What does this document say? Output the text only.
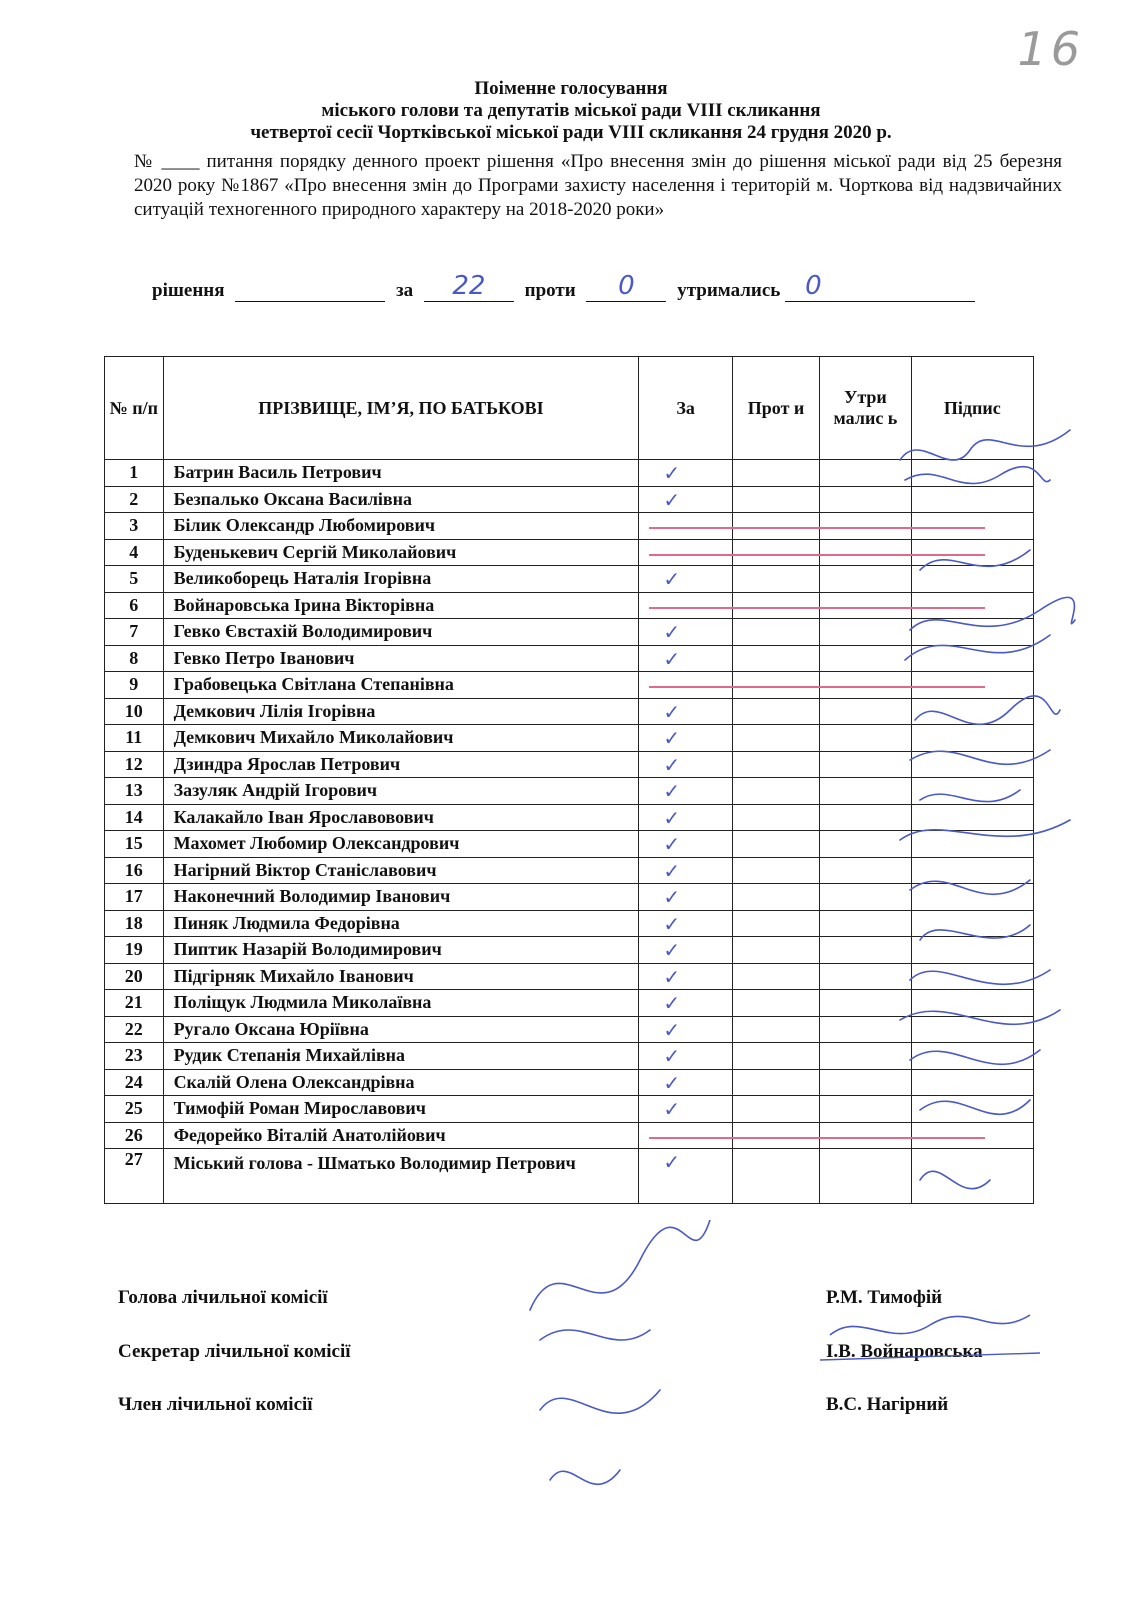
16
Поіменне голосування
міського голови та депутатів міської ради VIII скликання
четвертої сесії Чортківської міської ради VIII скликання 24 грудня 2020 р.
№ ____ питання порядку денного проект рішення «Про внесення змін до рішення міської ради від 25 березня 2020 року №1867 «Про внесення змін до Програми захисту населення і територій м. Чорткова від надзвичайних ситуацій техногенного природного характеру на 2018-2020 роки»
рішення	за	22	проти	0	утримались 0
№ п/п	ПРІЗВИЩЕ, ІМ’Я, ПО БАТЬКОВІ	За	Прот и	Утри малис ь	Підпис
1	Батрин Василь Петрович	✓			

2	Безпалько Оксана Василівна	✓			

3	Білик Олександр Любомирович	

4	Буденькевич Сергій Миколайович	

5	Великоборець Наталія Ігорівна	✓			

6	Войнаровська Ірина Вікторівна	

7	Гевко Євстахій Володимирович	✓			

8	Гевко Петро Іванович	✓			

9	Грабовецька Світлана Степанівна	

10	Демкович Лілія Ігорівна	✓			

11	Демкович Михайло Миколайович	✓			

12	Дзиндра Ярослав Петрович	✓			

13	Зазуляк Андрій Ігорович	✓			

14	Калакайло Іван Ярославовович	✓			

15	Махомет Любомир Олександрович	✓			

16	Нагірний Віктор Станіславович	✓			

17	Наконечний Володимир Іванович	✓			

18	Пиняк Людмила Федорівна	✓			

19	Пиптик Назарій Володимирович	✓			

20	Підгірняк Михайло Іванович	✓			

21	Поліщук Людмила Миколаївна	✓			

22	Ругало Оксана Юріївна	✓			

23	Рудик Степанія Михайлівна	✓			

24	Скалій Олена Олександрівна	✓			

25	Тимофій Роман Мирославович	✓			

26	Федорейко Віталій Анатолійович	

27	Міський голова - Шматько Володимир Петрович	✓			

Голова лічильної комісії
Секретар лічильної комісії
Член лічильної комісії
Р.М. Тимофій
І.В. Войнаровська
В.С. Нагірний
